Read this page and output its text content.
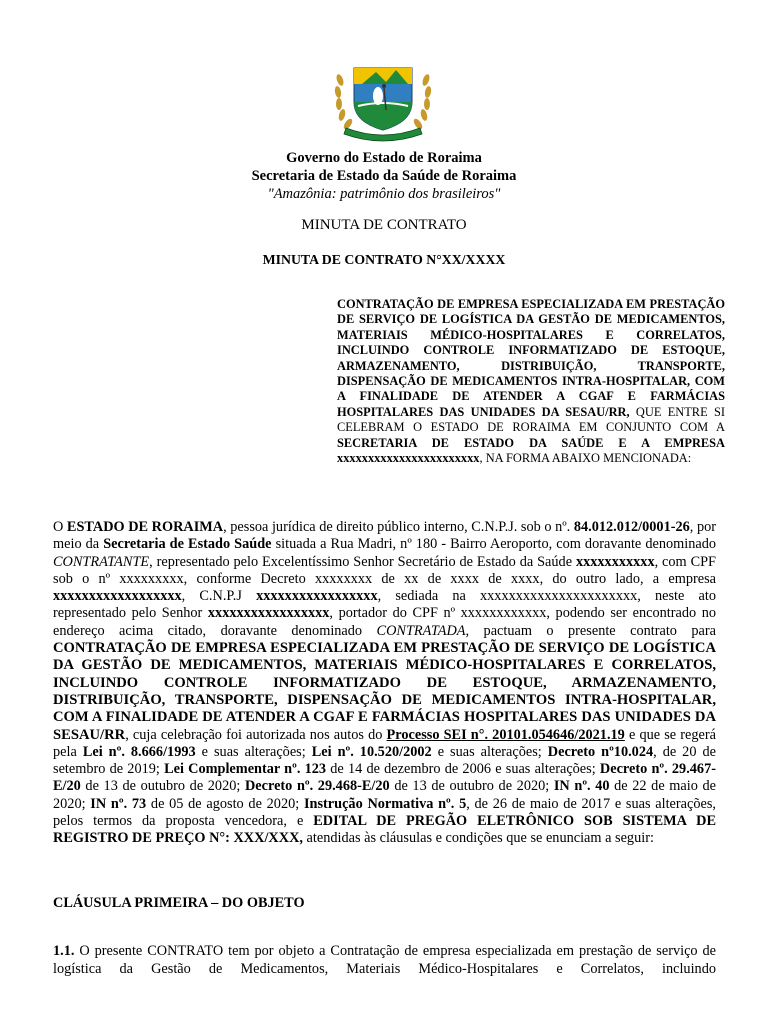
Governo do Estado de Roraima
Secretaria de Estado da Saúde de Roraima
"Amazônia: patrimônio dos brasileiros"
MINUTA DE CONTRATO
MINUTA DE CONTRATO N°XX/XXXX
CONTRATAÇÃO DE EMPRESA ESPECIALIZADA EM PRESTAÇÃO DE SERVIÇO DE LOGÍSTICA DA GESTÃO DE MEDICAMENTOS, MATERIAIS MÉDICO-HOSPITALARES E CORRELATOS, INCLUINDO CONTROLE INFORMATIZADO DE ESTOQUE, ARMAZENAMENTO, DISTRIBUIÇÃO, TRANSPORTE, DISPENSAÇÃO DE MEDICAMENTOS INTRA-HOSPITALAR, COM A FINALIDADE DE ATENDER A CGAF E FARMÁCIAS HOSPITALARES DAS UNIDADES DA SESAU/RR, QUE ENTRE SI CELEBRAM O ESTADO DE RORAIMA EM CONJUNTO COM A SECRETARIA DE ESTADO DA SAÚDE E A EMPRESA xxxxxxxxxxxxxxxxxxxxxxx, NA FORMA ABAIXO MENCIONADA:

O ESTADO DE RORAIMA, pessoa jurídica de direito público interno, C.N.P.J. sob o nº. 84.012.012/0001-26, por meio da Secretaria de Estado Saúde situada a Rua Madri, nº 180 - Bairro Aeroporto, com doravante denominado CONTRATANTE, representado pelo Excelentíssimo Senhor Secretário de Estado da Saúde xxxxxxxxxxx, com CPF sob o nº xxxxxxxxx, conforme Decreto xxxxxxxx de xx de xxxx de xxxx, do outro lado, a empresa xxxxxxxxxxxxxxxxxx, C.N.P.J xxxxxxxxxxxxxxxxx, sediada na xxxxxxxxxxxxxxxxxxxxxx, neste ato representado pelo Senhor xxxxxxxxxxxxxxxxx, portador do CPF nº xxxxxxxxxxxx, podendo ser encontrado no endereço acima citado, doravante denominado CONTRATADA, pactuam o presente contrato para CONTRATAÇÃO DE EMPRESA ESPECIALIZADA EM PRESTAÇÃO DE SERVIÇO DE LOGÍSTICA DA GESTÃO DE MEDICAMENTOS, MATERIAIS MÉDICO-HOSPITALARES E CORRELATOS, INCLUINDO CONTROLE INFORMATIZADO DE ESTOQUE, ARMAZENAMENTO, DISTRIBUIÇÃO, TRANSPORTE, DISPENSAÇÃO DE MEDICAMENTOS INTRA-HOSPITALAR, COM A FINALIDADE DE ATENDER A CGAF E FARMÁCIAS HOSPITALARES DAS UNIDADES DA SESAU/RR, cuja celebração foi autorizada nos autos do Processo SEI n°. 20101.054646/2021.19 e que se regerá pela Lei nº. 8.666/1993 e suas alterações; Lei nº. 10.520/2002 e suas alterações; Decreto nº10.024, de 20 de setembro de 2019; Lei Complementar nº. 123 de 14 de dezembro de 2006 e suas alterações; Decreto nº. 29.467-E/20 de 13 de outubro de 2020; Decreto nº. 29.468-E/20 de 13 de outubro de 2020; IN nº. 40 de 22 de maio de 2020; IN nº. 73 de 05 de agosto de 2020; Instrução Normativa nº. 5, de 26 de maio de 2017 e suas alterações, pelos termos da proposta vencedora, e EDITAL DE PREGÃO ELETRÔNICO SOB SISTEMA DE REGISTRO DE PREÇO N°: XXX/XXX, atendidas às cláusulas e condições que se enunciam a seguir:

CLÁUSULA PRIMEIRA – DO OBJETO

1.1. O presente CONTRATO tem por objeto a Contratação de empresa especializada em prestação de serviço de logística da Gestão de Medicamentos, Materiais Médico-Hospitalares e Correlatos, incluindo
